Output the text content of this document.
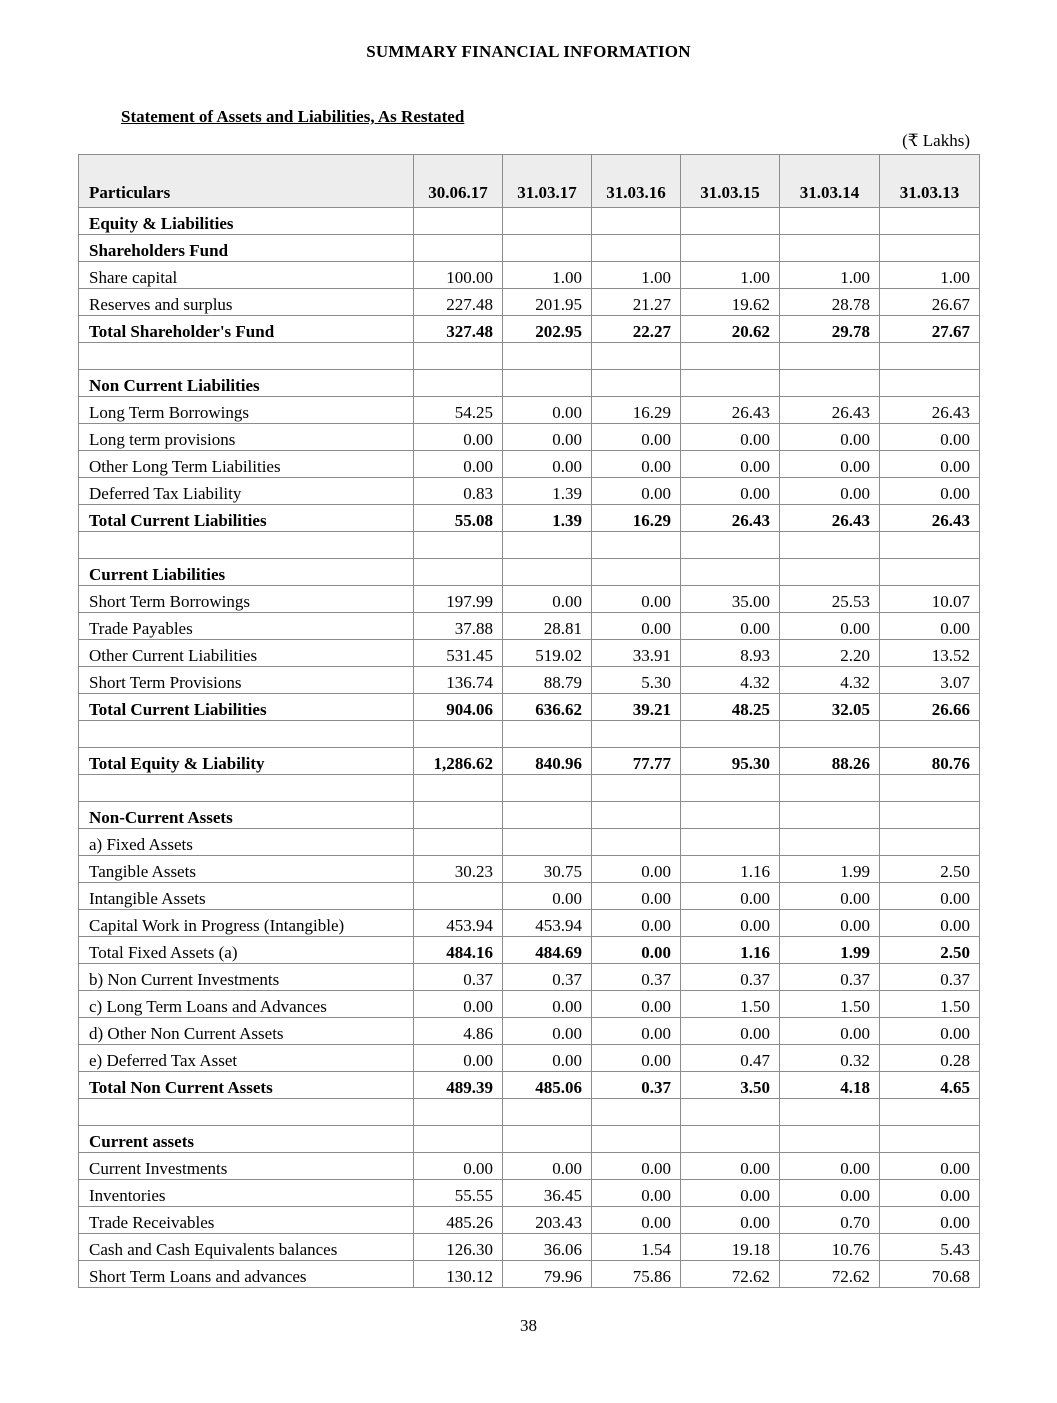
SUMMARY FINANCIAL INFORMATION
Statement of Assets and Liabilities, As Restated
(₹ Lakhs)
Particulars	30.06.17	31.03.17	31.03.16	31.03.15	31.03.14	31.03.13
Equity & Liabilities						
Shareholders Fund						
Share capital	100.00	1.00	1.00	1.00	1.00	1.00
Reserves and surplus	227.48	201.95	21.27	19.62	28.78	26.67
Total Shareholder's Fund	327.48	202.95	22.27	20.62	29.78	27.67

Non Current Liabilities						
Long Term Borrowings	54.25	0.00	16.29	26.43	26.43	26.43
Long term provisions	0.00	0.00	0.00	0.00	0.00	0.00
Other Long Term Liabilities	0.00	0.00	0.00	0.00	0.00	0.00
Deferred Tax Liability	0.83	1.39	0.00	0.00	0.00	0.00
Total Current Liabilities	55.08	1.39	16.29	26.43	26.43	26.43

Current Liabilities						
Short Term Borrowings	197.99	0.00	0.00	35.00	25.53	10.07
Trade Payables	37.88	28.81	0.00	0.00	0.00	0.00
Other Current Liabilities	531.45	519.02	33.91	8.93	2.20	13.52
Short Term Provisions	136.74	88.79	5.30	4.32	4.32	3.07
Total Current Liabilities	904.06	636.62	39.21	48.25	32.05	26.66

Total Equity & Liability	1,286.62	840.96	77.77	95.30	88.26	80.76

Non-Current Assets						
a) Fixed Assets						
Tangible Assets	30.23	30.75	0.00	1.16	1.99	2.50
Intangible Assets		0.00	0.00	0.00	0.00	0.00
Capital Work in Progress (Intangible)	453.94	453.94	0.00	0.00	0.00	0.00
Total Fixed Assets (a)	484.16	484.69	0.00	1.16	1.99	2.50
b) Non Current Investments	0.37	0.37	0.37	0.37	0.37	0.37
c) Long Term Loans and Advances	0.00	0.00	0.00	1.50	1.50	1.50
d) Other Non Current Assets	4.86	0.00	0.00	0.00	0.00	0.00
e) Deferred Tax Asset	0.00	0.00	0.00	0.47	0.32	0.28
Total Non Current Assets	489.39	485.06	0.37	3.50	4.18	4.65

Current assets						
Current Investments	0.00	0.00	0.00	0.00	0.00	0.00
Inventories	55.55	36.45	0.00	0.00	0.00	0.00
Trade Receivables	485.26	203.43	0.00	0.00	0.70	0.00
Cash and Cash Equivalents balances	126.30	36.06	1.54	19.18	10.76	5.43
Short Term Loans and advances	130.12	79.96	75.86	72.62	72.62	70.68
38
